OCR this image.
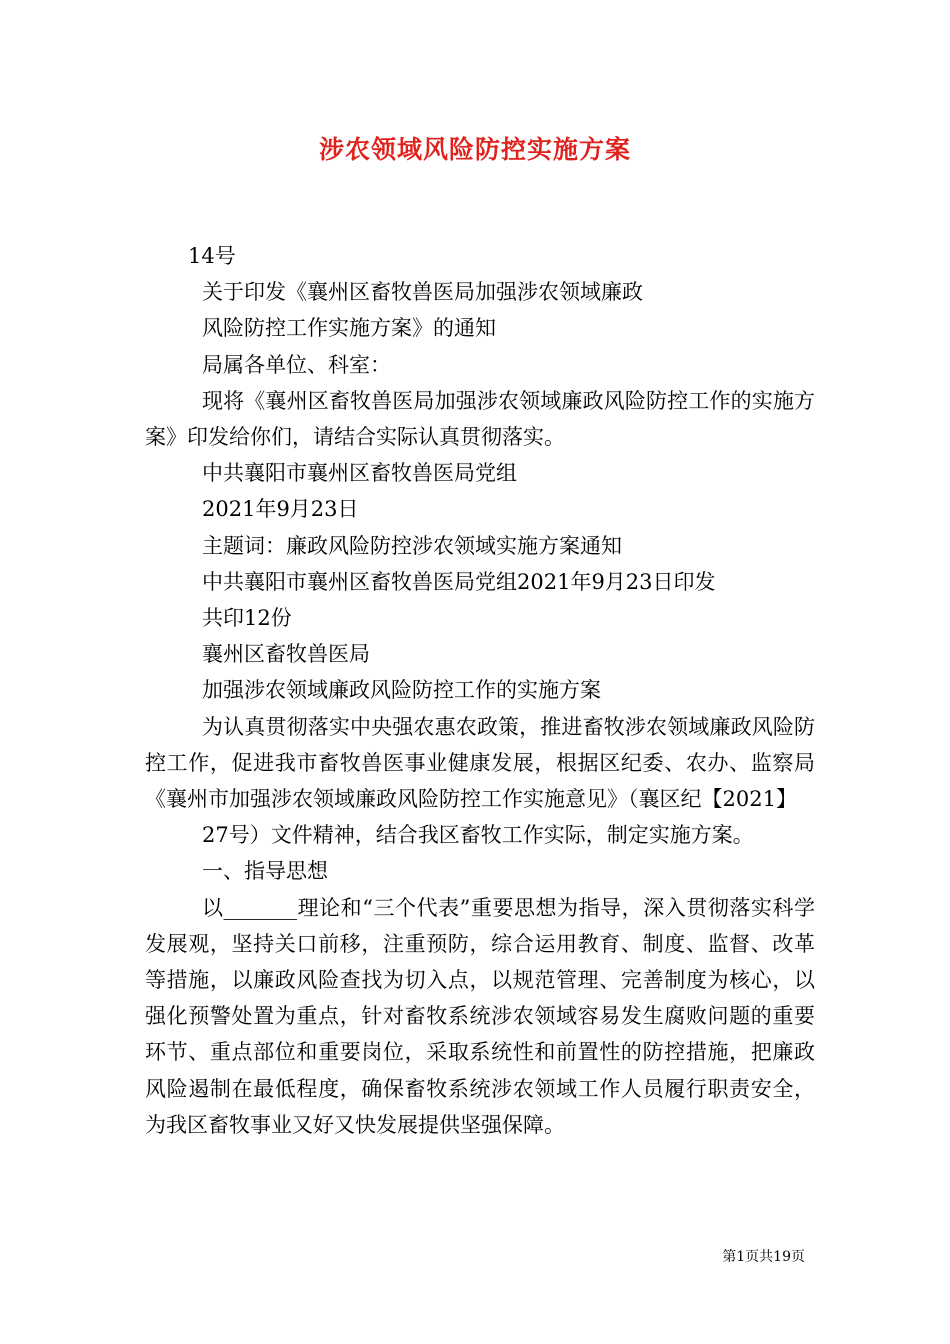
涉农领域风险防控实施方案

14号

关于印发《襄州区畜牧兽医局加强涉农领域廉政

风险防控工作实施方案》的通知

局属各单位、科室：

现将《襄州区畜牧兽医局加强涉农领域廉政风险防控工作的实施方案》印发给你们，请结合实际认真贯彻落实。

中共襄阳市襄州区畜牧兽医局党组

2021年9月23日

主题词：廉政风险防控涉农领域实施方案通知

中共襄阳市襄州区畜牧兽医局党组2021年9月23日印发

共印12份

襄州区畜牧兽医局

加强涉农领域廉政风险防控工作的实施方案

为认真贯彻落实中央强农惠农政策，推进畜牧涉农领域廉政风险防控工作，促进我市畜牧兽医事业健康发展，根据区纪委、农办、监察局《襄州市加强涉农领域廉政风险防控工作实施意见》（襄区纪【2021】

27号）文件精神，结合我区畜牧工作实际，制定实施方案。

一、指导思想

以_______理论和“三个代表”重要思想为指导，深入贯彻落实科学发展观，坚持关口前移，注重预防，综合运用教育、制度、监督、改革等措施，以廉政风险查找为切入点，以规范管理、完善制度为核心，以强化预警处置为重点，针对畜牧系统涉农领域容易发生腐败问题的重要环节、重点部位和重要岗位，采取系统性和前置性的防控措施，把廉政风险遏制在最低程度，确保畜牧系统涉农领域工作人员履行职责安全，为我区畜牧事业又好又快发展提供坚强保障。

第1页共19页
